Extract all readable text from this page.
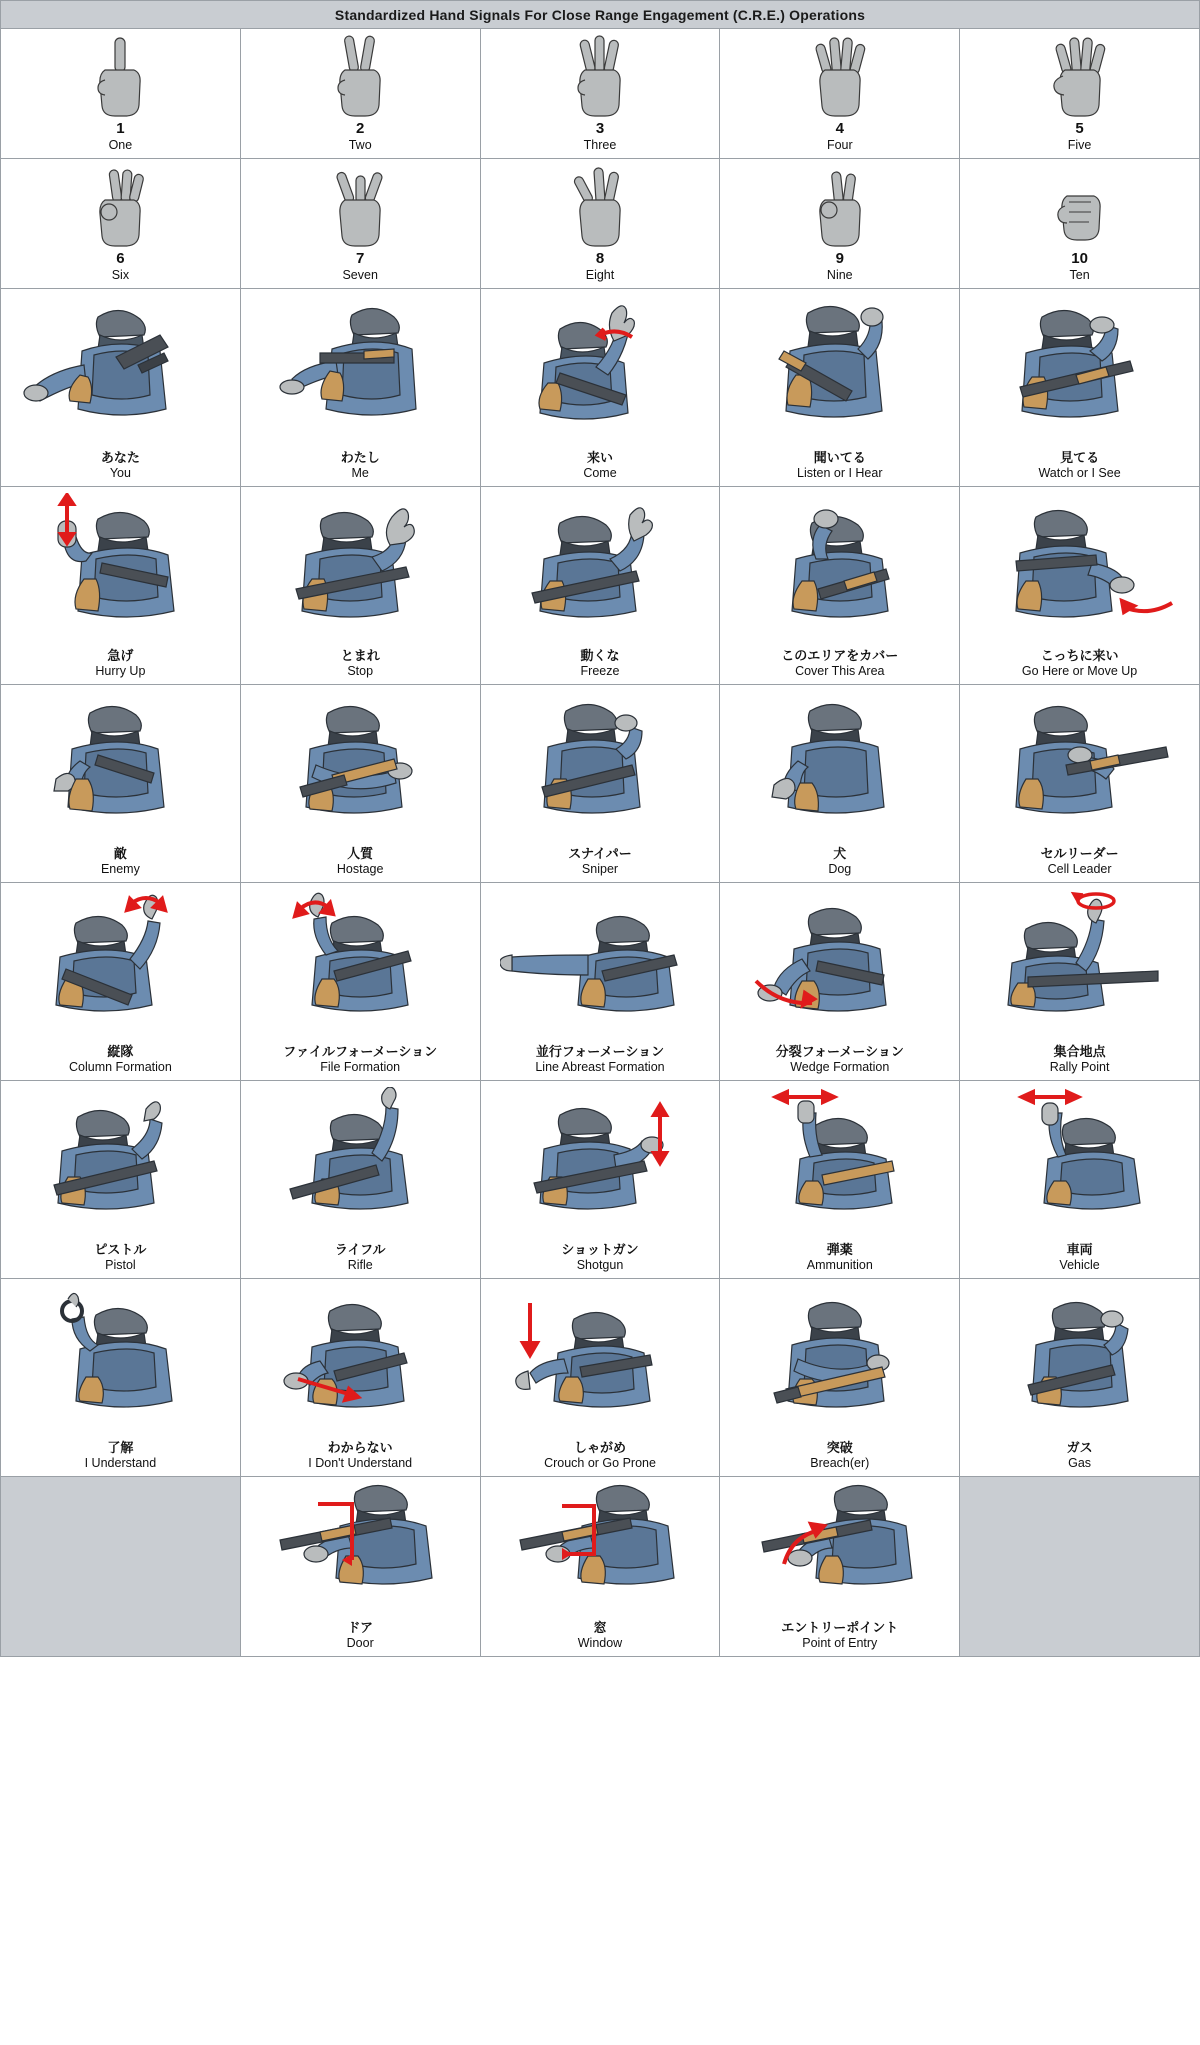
Standardized Hand Signals For Close Range Engagement (C.R.E.) Operations
1
One
2
Two
3
Three
4
Four
5
Five
6
Six
7
Seven
8
Eight
9
Nine
10
Ten
あなた
You
わたし
Me
来い
Come
聞いてる
Listen or I Hear
見てる
Watch or I See
急げ
Hurry Up
とまれ
Stop
動くな
Freeze
このエリアをカバー
Cover This Area
こっちに来い
Go Here or Move Up
敵
Enemy
人質
Hostage
スナイパー
Sniper
犬
Dog
セルリーダー
Cell Leader
縦隊
Column Formation
ファイルフォーメーション
File Formation
並行フォーメーション
Line Abreast Formation
分裂フォーメーション
Wedge Formation
集合地点
Rally Point
ピストル
Pistol
ライフル
Rifle
ショットガン
Shotgun
弾薬
Ammunition
車両
Vehicle
了解
I Understand
わからない
I Don't Understand
しゃがめ
Crouch or Go Prone
突破
Breach(er)
ガス
Gas
ドア
Door
窓
Window
エントリーポイント
Point of Entry
